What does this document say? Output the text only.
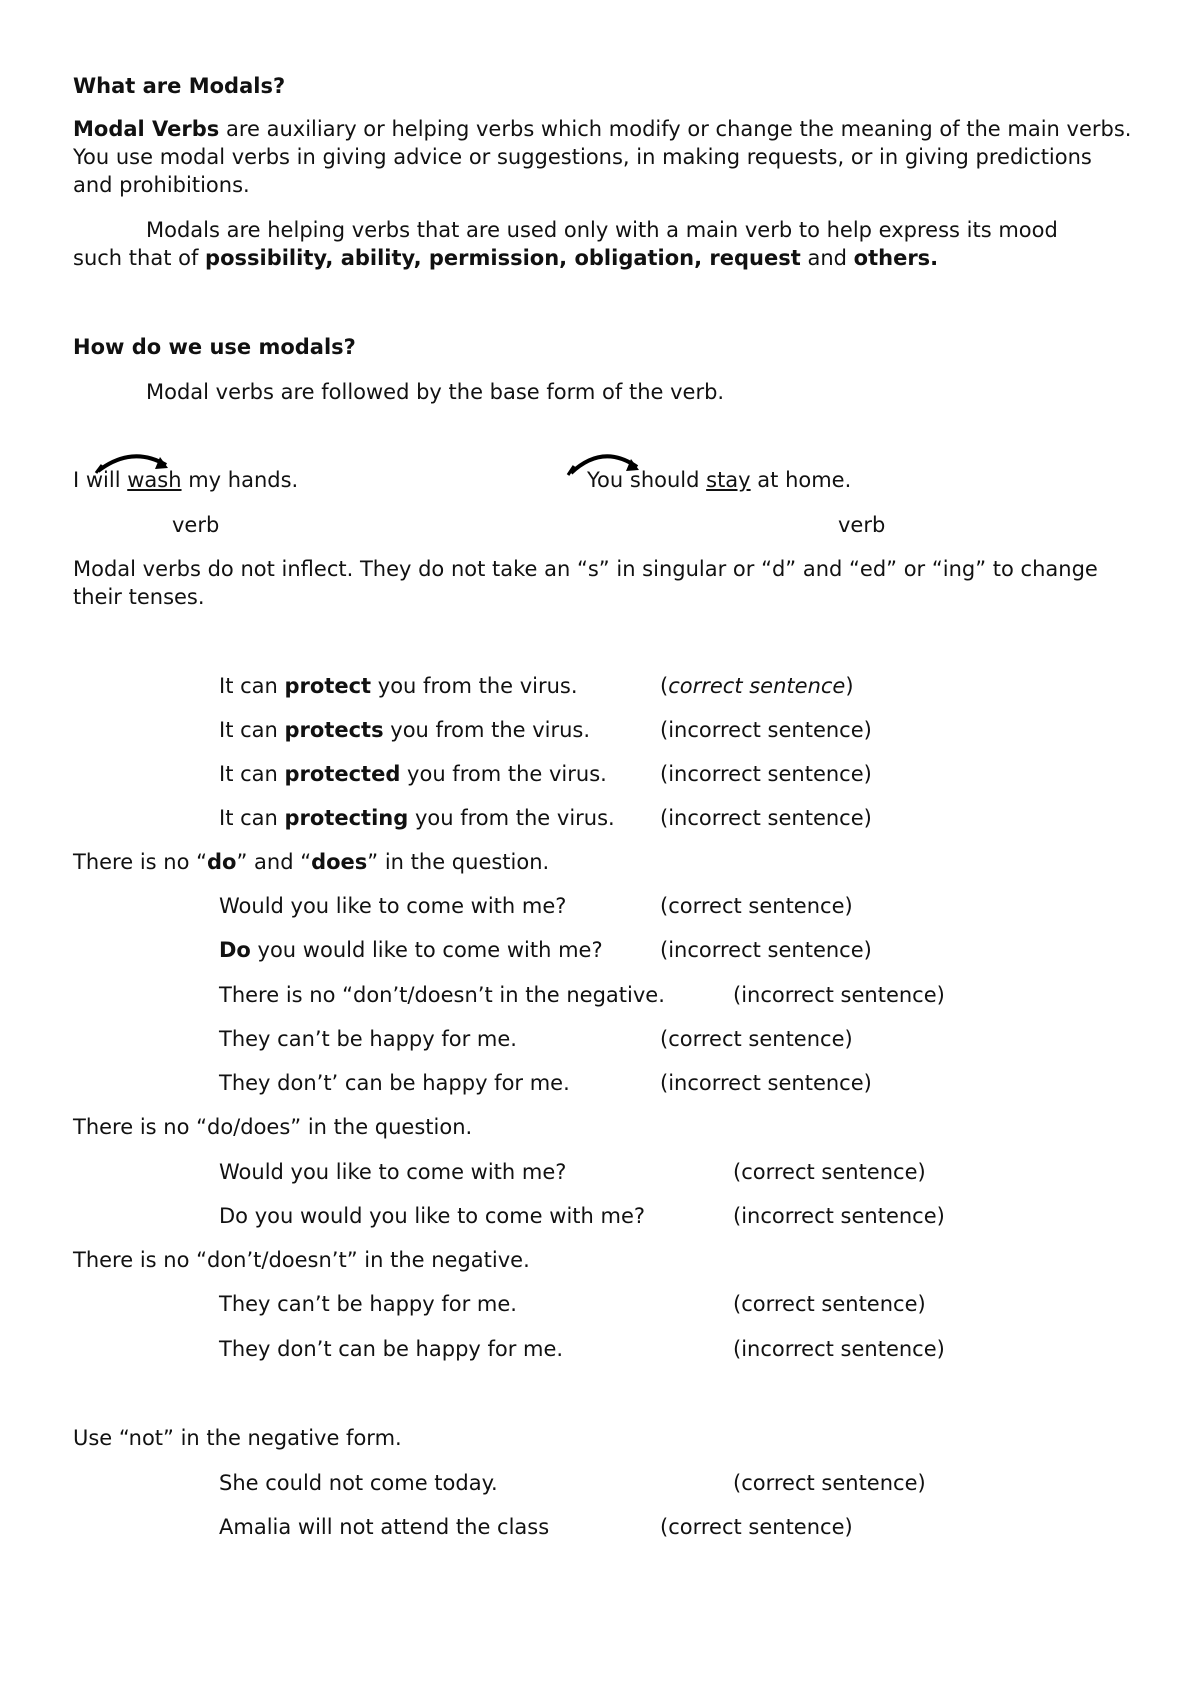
What are Modals?
Modal Verbs are auxiliary or helping verbs which modify or change the meaning of the main verbs. You use modal verbs in giving advice or suggestions, in making requests, or in giving predictions and prohibitions.
Modals are helping verbs that are used only with a main verb to help express its mood
such that of possibility, ability, permission, obligation, request and others.
How do we use modals?
Modal verbs are followed by the base form of the verb.
I will wash my hands.	You should stay at home.
verb	verb
Modal verbs do not inflect. They do not take an “s” in singular or “d” and “ed” or “ing” to change their tenses.
It can protect you from the virus.	(correct sentence)
It can protects you from the virus.	(incorrect sentence)
It can protected you from the virus.	(incorrect sentence)
It can protecting you from the virus. (incorrect sentence)
There is no “do” and “does” in the question.
Would you like to come with me?	(correct sentence)
Do you would like to come with me?	(incorrect sentence)
There is no “don’t/doesn’t in the negative.	(incorrect sentence)
They can’t be happy for me.	(correct sentence)
They don’t’ can be happy for me.	(incorrect sentence)
There is no “do/does” in the question.
Would you like to come with me?	(correct sentence)
Do you would you like to come with me?	(incorrect sentence)
There is no “don’t/doesn’t” in the negative.
They can’t be happy for me.	(correct sentence)
They don’t can be happy for me.	(incorrect sentence)
Use “not” in the negative form.
She could not come today.	(correct sentence)
Amalia will not attend the class	(correct sentence)
